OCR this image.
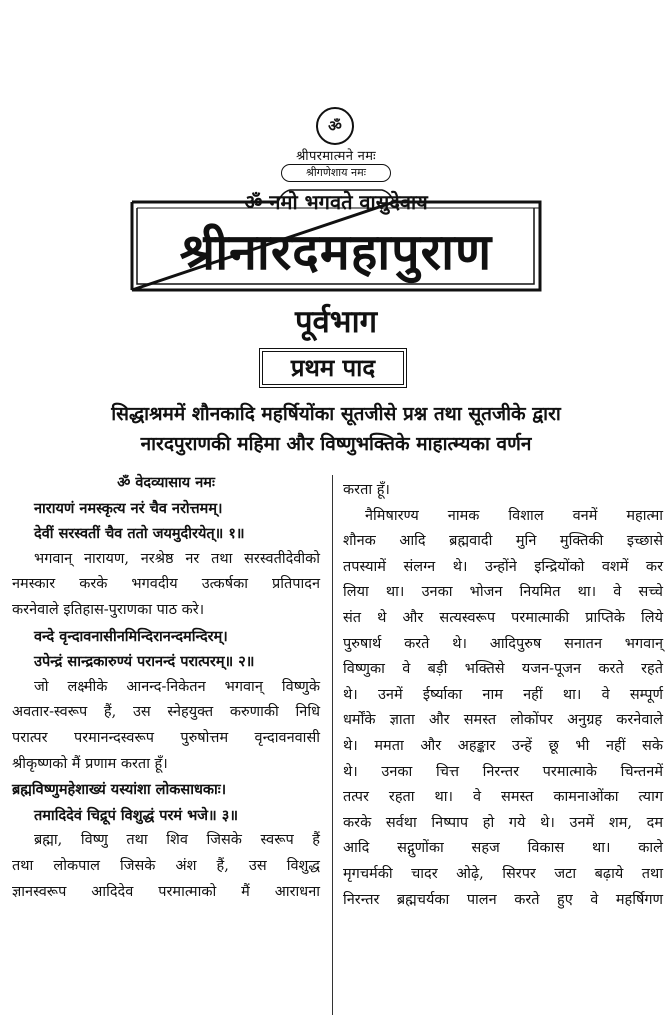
ॐ
श्रीपरमात्मने नमः
श्रीगणेशाय नमः
ॐ नमो भगवते वासुदेवाय
श्रीनारदमहापुराण
पूर्वभाग
प्रथम पाद
सिद्धाश्रममें शौनकादि महर्षियोंका सूतजीसे प्रश्न तथा सूतजीके द्वारा
नारदपुराणकी महिमा और विष्णुभक्तिके माहात्म्यका वर्णन
ॐ वेदव्यासाय नमः
नारायणं नमस्कृत्य नरं चैव नरोत्तमम्।
देवीं सरस्वतीं चैव ततो जयमुदीरयेत्॥ १॥
भगवान् नारायण, नरश्रेष्ठ नर तथा सरस्वतीदेवीको
नमस्कार करके भगवदीय उत्कर्षका प्रतिपादन
करनेवाले इतिहास-पुराणका पाठ करे।
वन्दे वृन्दावनासीनमिन्दिरानन्दमन्दिरम्।
उपेन्द्रं सान्द्रकारुण्यं परानन्दं परात्परम्॥ २॥
जो लक्ष्मीके आनन्द-निकेतन भगवान् विष्णुके
अवतार-स्वरूप हैं, उस स्नेहयुक्त करुणाकी निधि
परात्पर परमानन्दस्वरूप पुरुषोत्तम वृन्दावनवासी
श्रीकृष्णको मैं प्रणाम करता हूँ।
ब्रह्मविष्णुमहेशाख्यं यस्यांशा लोकसाधकाः।
तमादिदेवं चिद्रूपं विशुद्धं परमं भजे॥ ३॥
ब्रह्मा, विष्णु तथा शिव जिसके स्वरूप हैं
तथा लोकपाल जिसके अंश हैं, उस विशुद्ध
ज्ञानस्वरूप आदिदेव परमात्माको मैं आराधना
करता हूँ।
नैमिषारण्य नामक विशाल वनमें महात्मा
शौनक आदि ब्रह्मवादी मुनि मुक्तिकी इच्छासे
तपस्यामें संलग्न थे। उन्होंने इन्द्रियोंको वशमें कर
लिया था। उनका भोजन नियमित था। वे सच्चे
संत थे और सत्यस्वरूप परमात्माकी प्राप्तिके लिये
पुरुषार्थ करते थे। आदिपुरुष सनातन भगवान्
विष्णुका वे बड़ी भक्तिसे यजन-पूजन करते रहते
थे। उनमें ईर्ष्याका नाम नहीं था। वे सम्पूर्ण
धर्मोंके ज्ञाता और समस्त लोकोंपर अनुग्रह करनेवाले
थे। ममता और अहङ्कार उन्हें छू भी नहीं सके
थे। उनका चित्त निरन्तर परमात्माके चिन्तनमें
तत्पर रहता था। वे समस्त कामनाओंका त्याग
करके सर्वथा निष्पाप हो गये थे। उनमें शम, दम
आदि सद्गुणोंका सहज विकास था। काले
मृगचर्मकी चादर ओढ़े, सिरपर जटा बढ़ाये तथा
निरन्तर ब्रह्मचर्यका पालन करते हुए वे महर्षिगण
